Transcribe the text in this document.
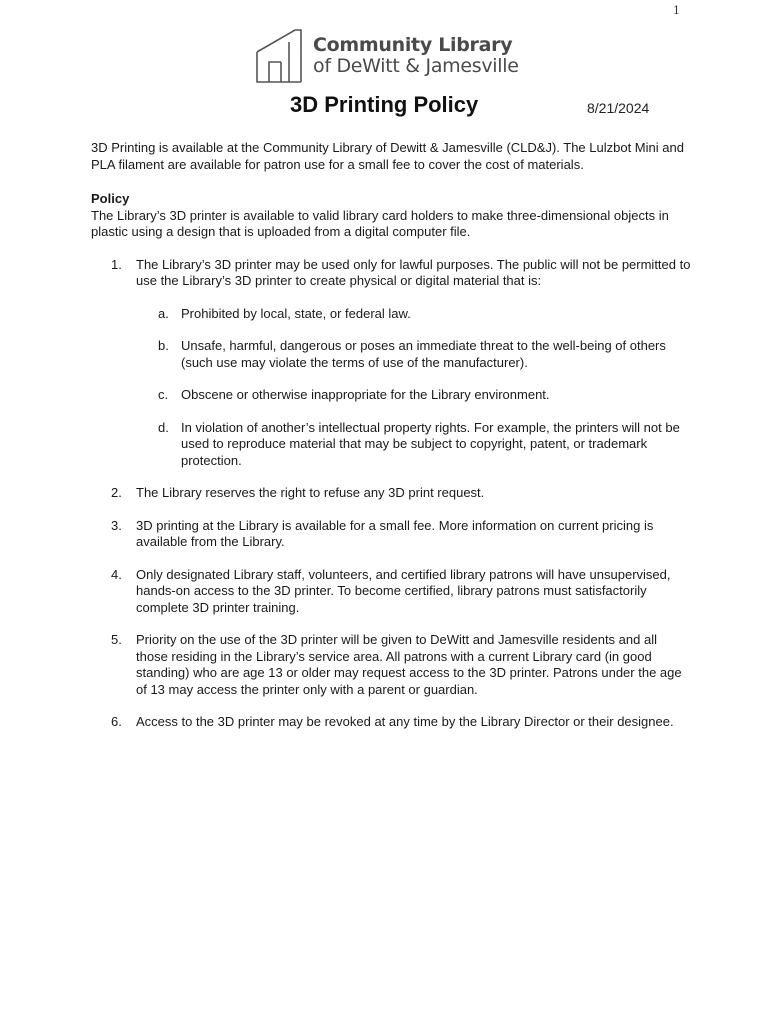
1
Community Library
of DeWitt & Jamesville
3D Printing Policy	8/21/2024

3D Printing is available at the Community Library of Dewitt & Jamesville (CLD&J). The Lulzbot Mini and PLA filament are available for patron use for a small fee to cover the cost of materials.

Policy

The Library’s 3D printer is available to valid library card holders to make three-dimensional objects in plastic using a design that is uploaded from a digital computer file.

1. The Library’s 3D printer may be used only for lawful purposes. The public will not be permitted to use the Library’s 3D printer to create physical or digital material that is:
a. Prohibited by local, state, or federal law.
b. Unsafe, harmful, dangerous or poses an immediate threat to the well-being of others (such use may violate the terms of use of the manufacturer).
c. Obscene or otherwise inappropriate for the Library environment.
d. In violation of another’s intellectual property rights. For example, the printers will not be used to reproduce material that may be subject to copyright, patent, or trademark protection.
2. The Library reserves the right to refuse any 3D print request.
3. 3D printing at the Library is available for a small fee. More information on current pricing is available from the Library.
4. Only designated Library staff, volunteers, and certified library patrons will have unsupervised, hands-on access to the 3D printer. To become certified, library patrons must satisfactorily complete 3D printer training.
5. Priority on the use of the 3D printer will be given to DeWitt and Jamesville residents and all those residing in the Library’s service area. All patrons with a current Library card (in good standing) who are age 13 or older may request access to the 3D printer. Patrons under the age of 13 may access the printer only with a parent or guardian.
6. Access to the 3D printer may be revoked at any time by the Library Director or their designee.
